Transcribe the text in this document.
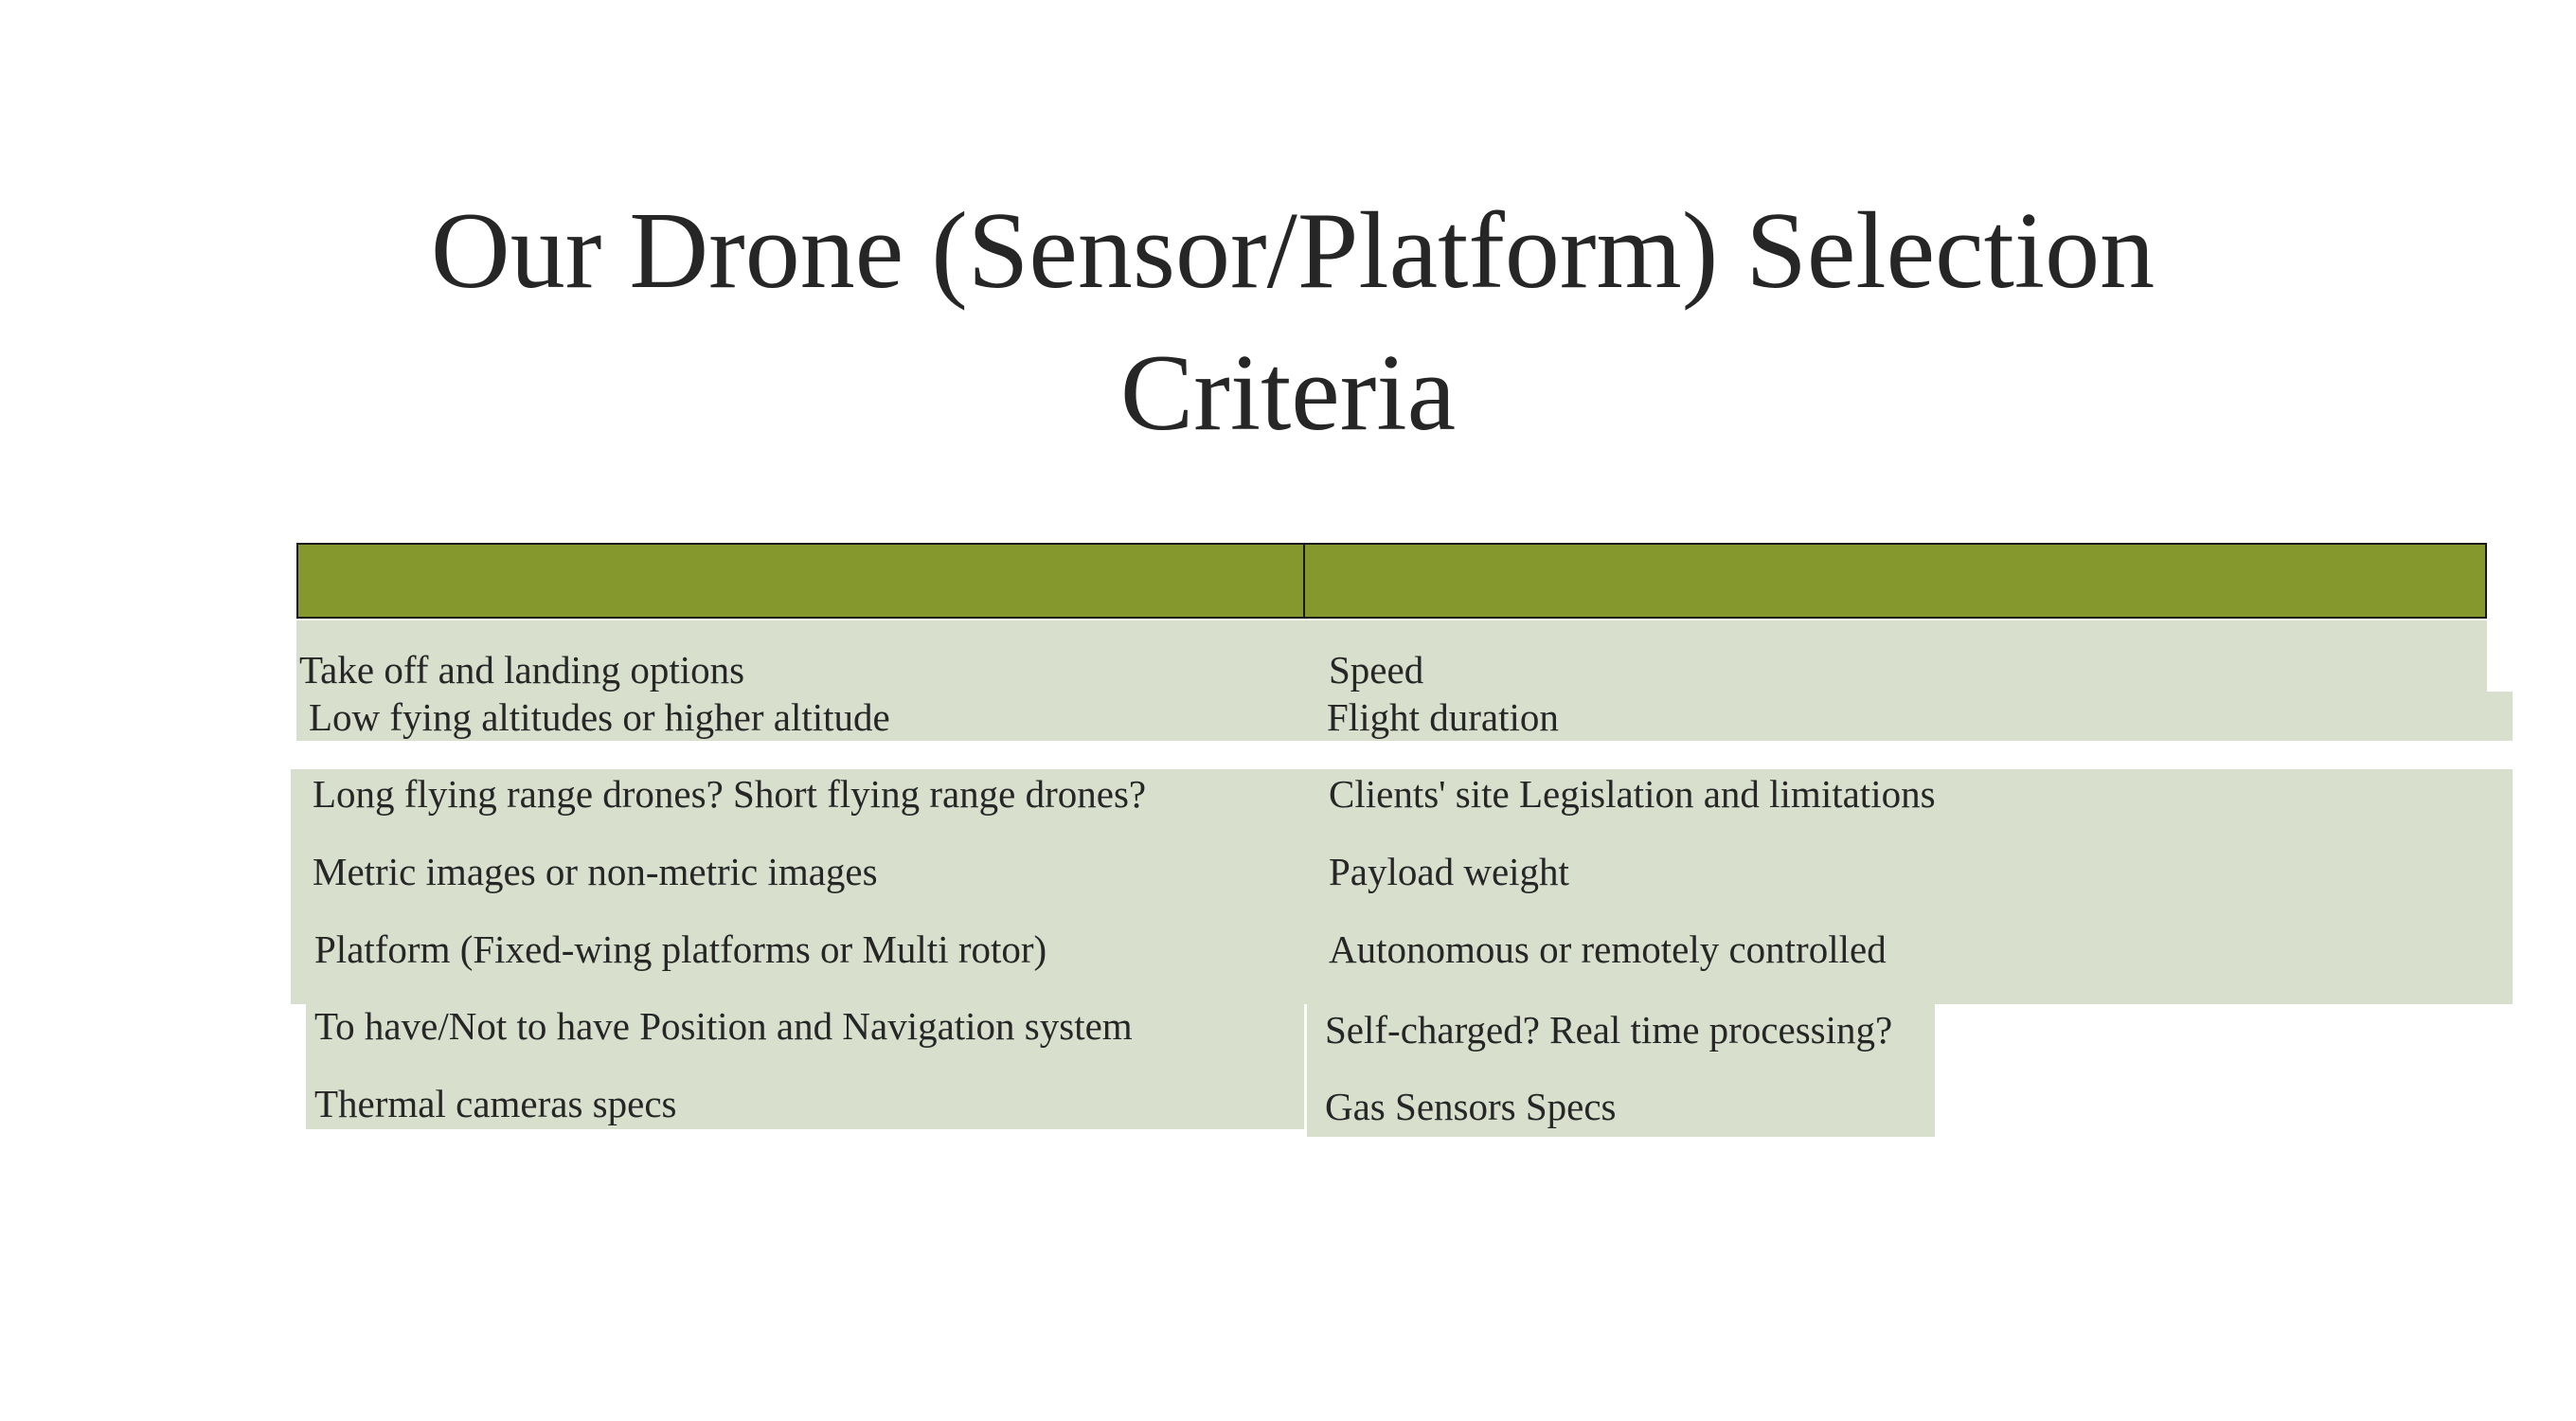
Our Drone (Sensor/Platform) Selection
Criteria
Take off and landing options	Speed
Low fying altitudes or higher altitude	Flight duration
Long flying range drones? Short flying range drones?	Clients' site Legislation and limitations
Metric images or non-metric images	Payload weight
Platform (Fixed-wing platforms or Multi rotor)	Autonomous or remotely controlled
To have/Not to have Position and Navigation system	Self-charged? Real time processing?
Thermal cameras specs	Gas Sensors Specs
